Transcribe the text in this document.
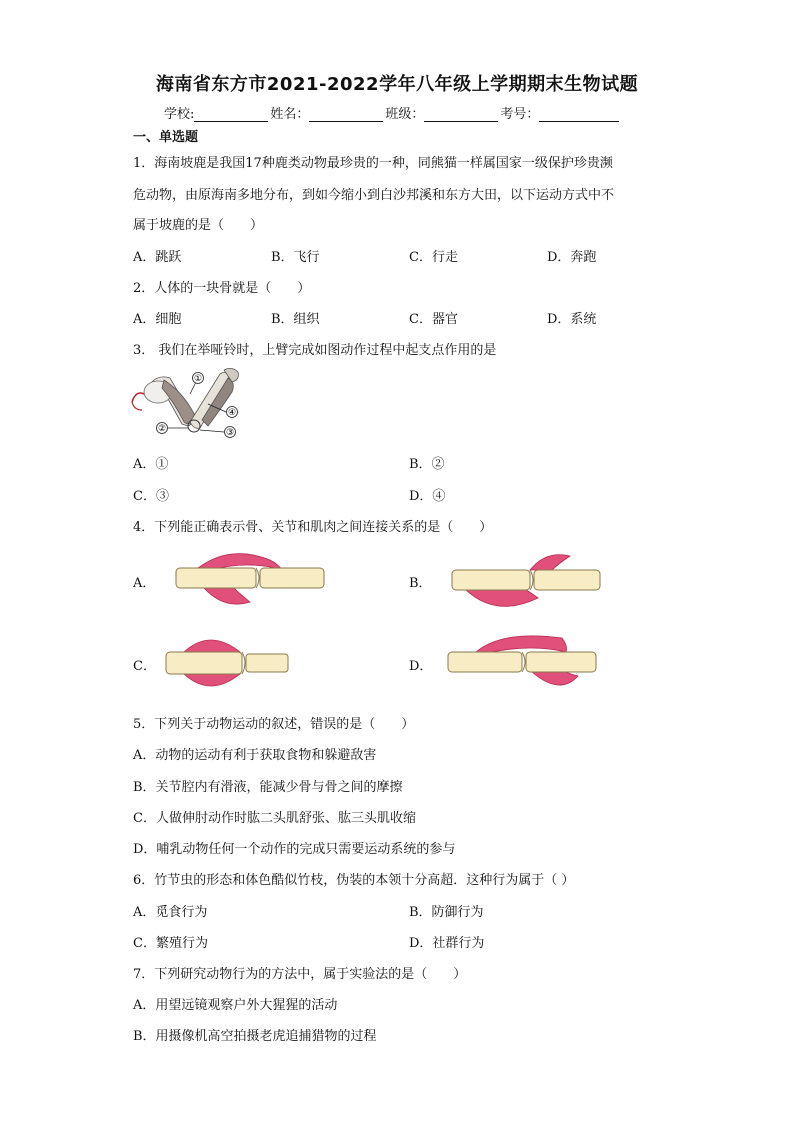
海南省东方市2021-2022学年八年级上学期期末生物试题
学校:	姓名：	班级：	考号：
一、单选题
1．海南坡鹿是我国17种鹿类动物最珍贵的一种，同熊猫一样属国家一级保护珍贵濒
危动物，由原海南多地分布，到如今缩小到白沙邦溪和东方大田，以下运动方式中不
属于坡鹿的是（　　）
A．跳跃	B．飞行	C．行走	D．奔跑
2．人体的一块骨就是（　　）
A．细胞	B．组织	C．器官	D．系统
3． 我们在举哑铃时，上臂完成如图动作过程中起支点作用的是
①
②	③
④
A．①	B．②
C．③	D．④
4．下列能正确表示骨、关节和肌肉之间连接关系的是（　　）
A．	B．
C．	D．
5．下列关于动物运动的叙述，错误的是（　　）
A．动物的运动有利于获取食物和躲避敌害
B．关节腔内有滑液，能减少骨与骨之间的摩擦
C．人做伸肘动作时肱二头肌舒张、肱三头肌收缩
D．哺乳动物任何一个动作的完成只需要运动系统的参与
6．竹节虫的形态和体色酷似竹枝，伪装的本领十分高超．这种行为属于（ ）
A．觅食行为	B．防御行为
C．繁殖行为	D．社群行为
7．下列研究动物行为的方法中，属于实验法的是（　　）
A．用望远镜观察户外大猩猩的活动
B．用摄像机高空拍摄老虎追捕猎物的过程
